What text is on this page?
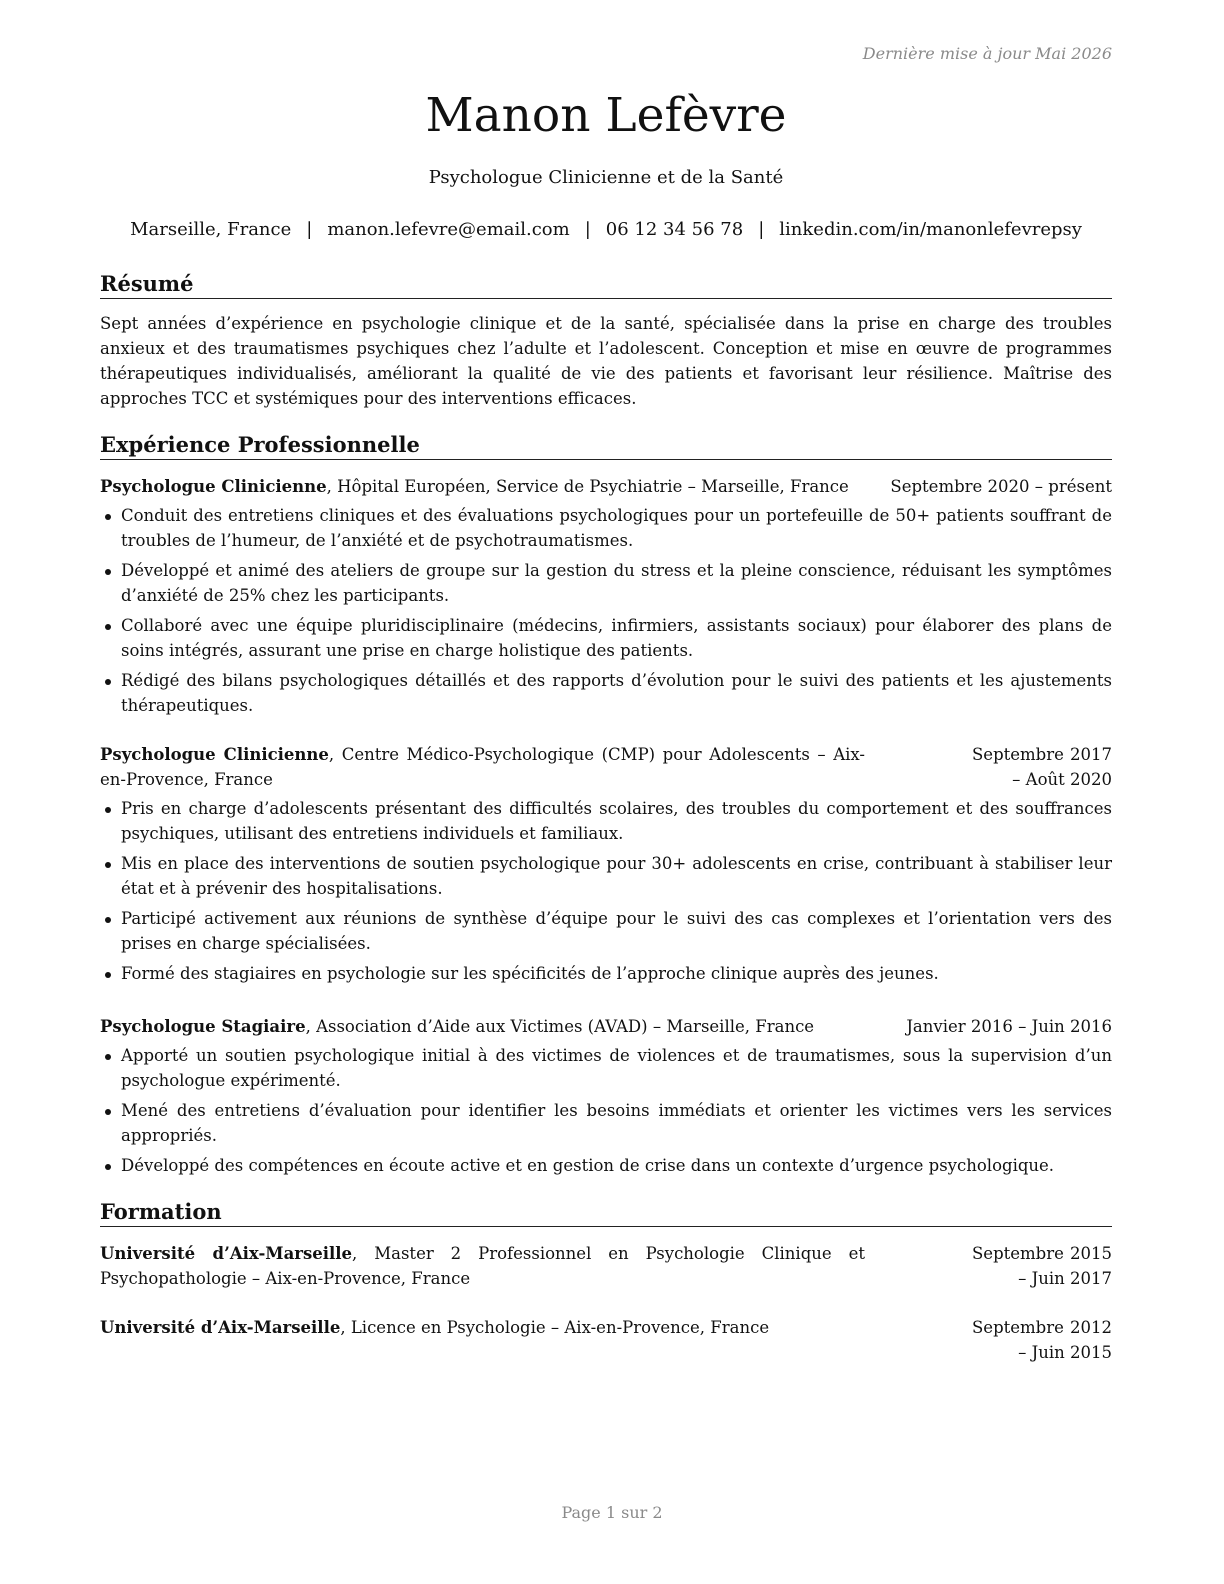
Dernière mise à jour Mai 2026
Manon Lefèvre
Psychologue Clinicienne et de la Santé
Marseille, France | manon.lefevre@email.com | 06 12 34 56 78 | linkedin.com/in/manonlefevrepsy
Résumé
Sept années d’expérience en psychologie clinique et de la santé, spécialisée dans la prise en charge des troubles anxieux et des traumatismes psychiques chez l’adulte et l’adolescent. Conception et mise en œuvre de programmes thérapeutiques individualisés, améliorant la qualité de vie des patients et favorisant leur résilience. Maîtrise des approches TCC et systémiques pour des interventions efficaces.
Expérience Professionnelle
Psychologue Clinicienne, Hôpital Européen, Service de Psychiatrie – Marseille, France	Septembre 2020 – présent
Conduit des entretiens cliniques et des évaluations psychologiques pour un portefeuille de 50+ patients souffrant de troubles de l’humeur, de l’anxiété et de psychotraumatismes.
Développé et animé des ateliers de groupe sur la gestion du stress et la pleine conscience, réduisant les symptômes d’anxiété de 25% chez les participants.
Collaboré avec une équipe pluridisciplinaire (médecins, infirmiers, assistants sociaux) pour élaborer des plans de soins intégrés, assurant une prise en charge holistique des patients.
Rédigé des bilans psychologiques détaillés et des rapports d’évolution pour le suivi des patients et les ajustements thérapeutiques.
Psychologue Clinicienne, Centre Médico-Psychologique (CMP) pour Adolescents – Aix-en-Provence, France
Septembre 2017 – Août 2020
Pris en charge d’adolescents présentant des difficultés scolaires, des troubles du comportement et des souffrances psychiques, utilisant des entretiens individuels et familiaux.
Mis en place des interventions de soutien psychologique pour 30+ adolescents en crise, contribuant à stabiliser leur état et à prévenir des hospitalisations.
Participé activement aux réunions de synthèse d’équipe pour le suivi des cas complexes et l’orientation vers des prises en charge spécialisées.
Formé des stagiaires en psychologie sur les spécificités de l’approche clinique auprès des jeunes.
Psychologue Stagiaire, Association d’Aide aux Victimes (AVAD) – Marseille, France	Janvier 2016 – Juin 2016
Apporté un soutien psychologique initial à des victimes de violences et de traumatismes, sous la supervision d’un psychologue expérimenté.
Mené des entretiens d’évaluation pour identifier les besoins immédiats et orienter les victimes vers les services appropriés.
Développé des compétences en écoute active et en gestion de crise dans un contexte d’urgence psychologique.
Formation
Université d’Aix-Marseille, Master 2 Professionnel en Psychologie Clinique et Psychopathologie – Aix-en-Provence, France
Septembre 2015 – Juin 2017
Université d’Aix-Marseille, Licence en Psychologie – Aix-en-Provence, France	Septembre 2012 – Juin 2015
Page 1 sur 2
